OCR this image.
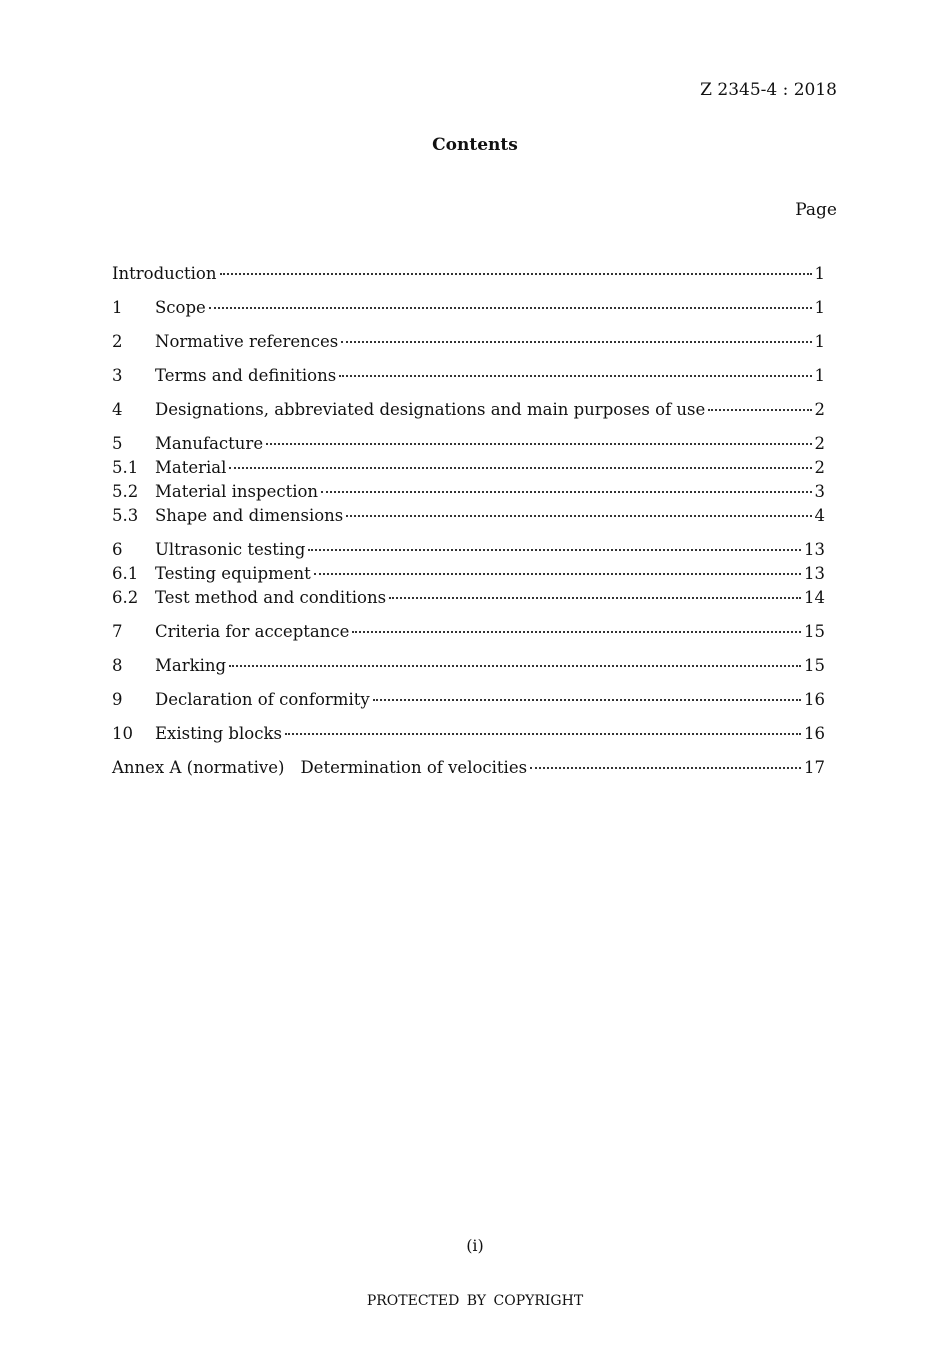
Z 2345-4 : 2018
Contents
Page
Introduction	1
1	Scope	1
2	Normative references	1
3	Terms and definitions	1
4	Designations, abbreviated designations and main purposes of use	2
5	Manufacture	2
5.1	Material	2
5.2	Material inspection	3
5.3	Shape and dimensions	4
6	Ultrasonic testing	13
6.1	Testing equipment	13
6.2	Test method and conditions	14
7	Criteria for acceptance	15
8	Marking	15
9	Declaration of conformity	16
10	Existing blocks	16
Annex A (normative) Determination of velocities	17
(i)
PROTECTED BY COPYRIGHT
